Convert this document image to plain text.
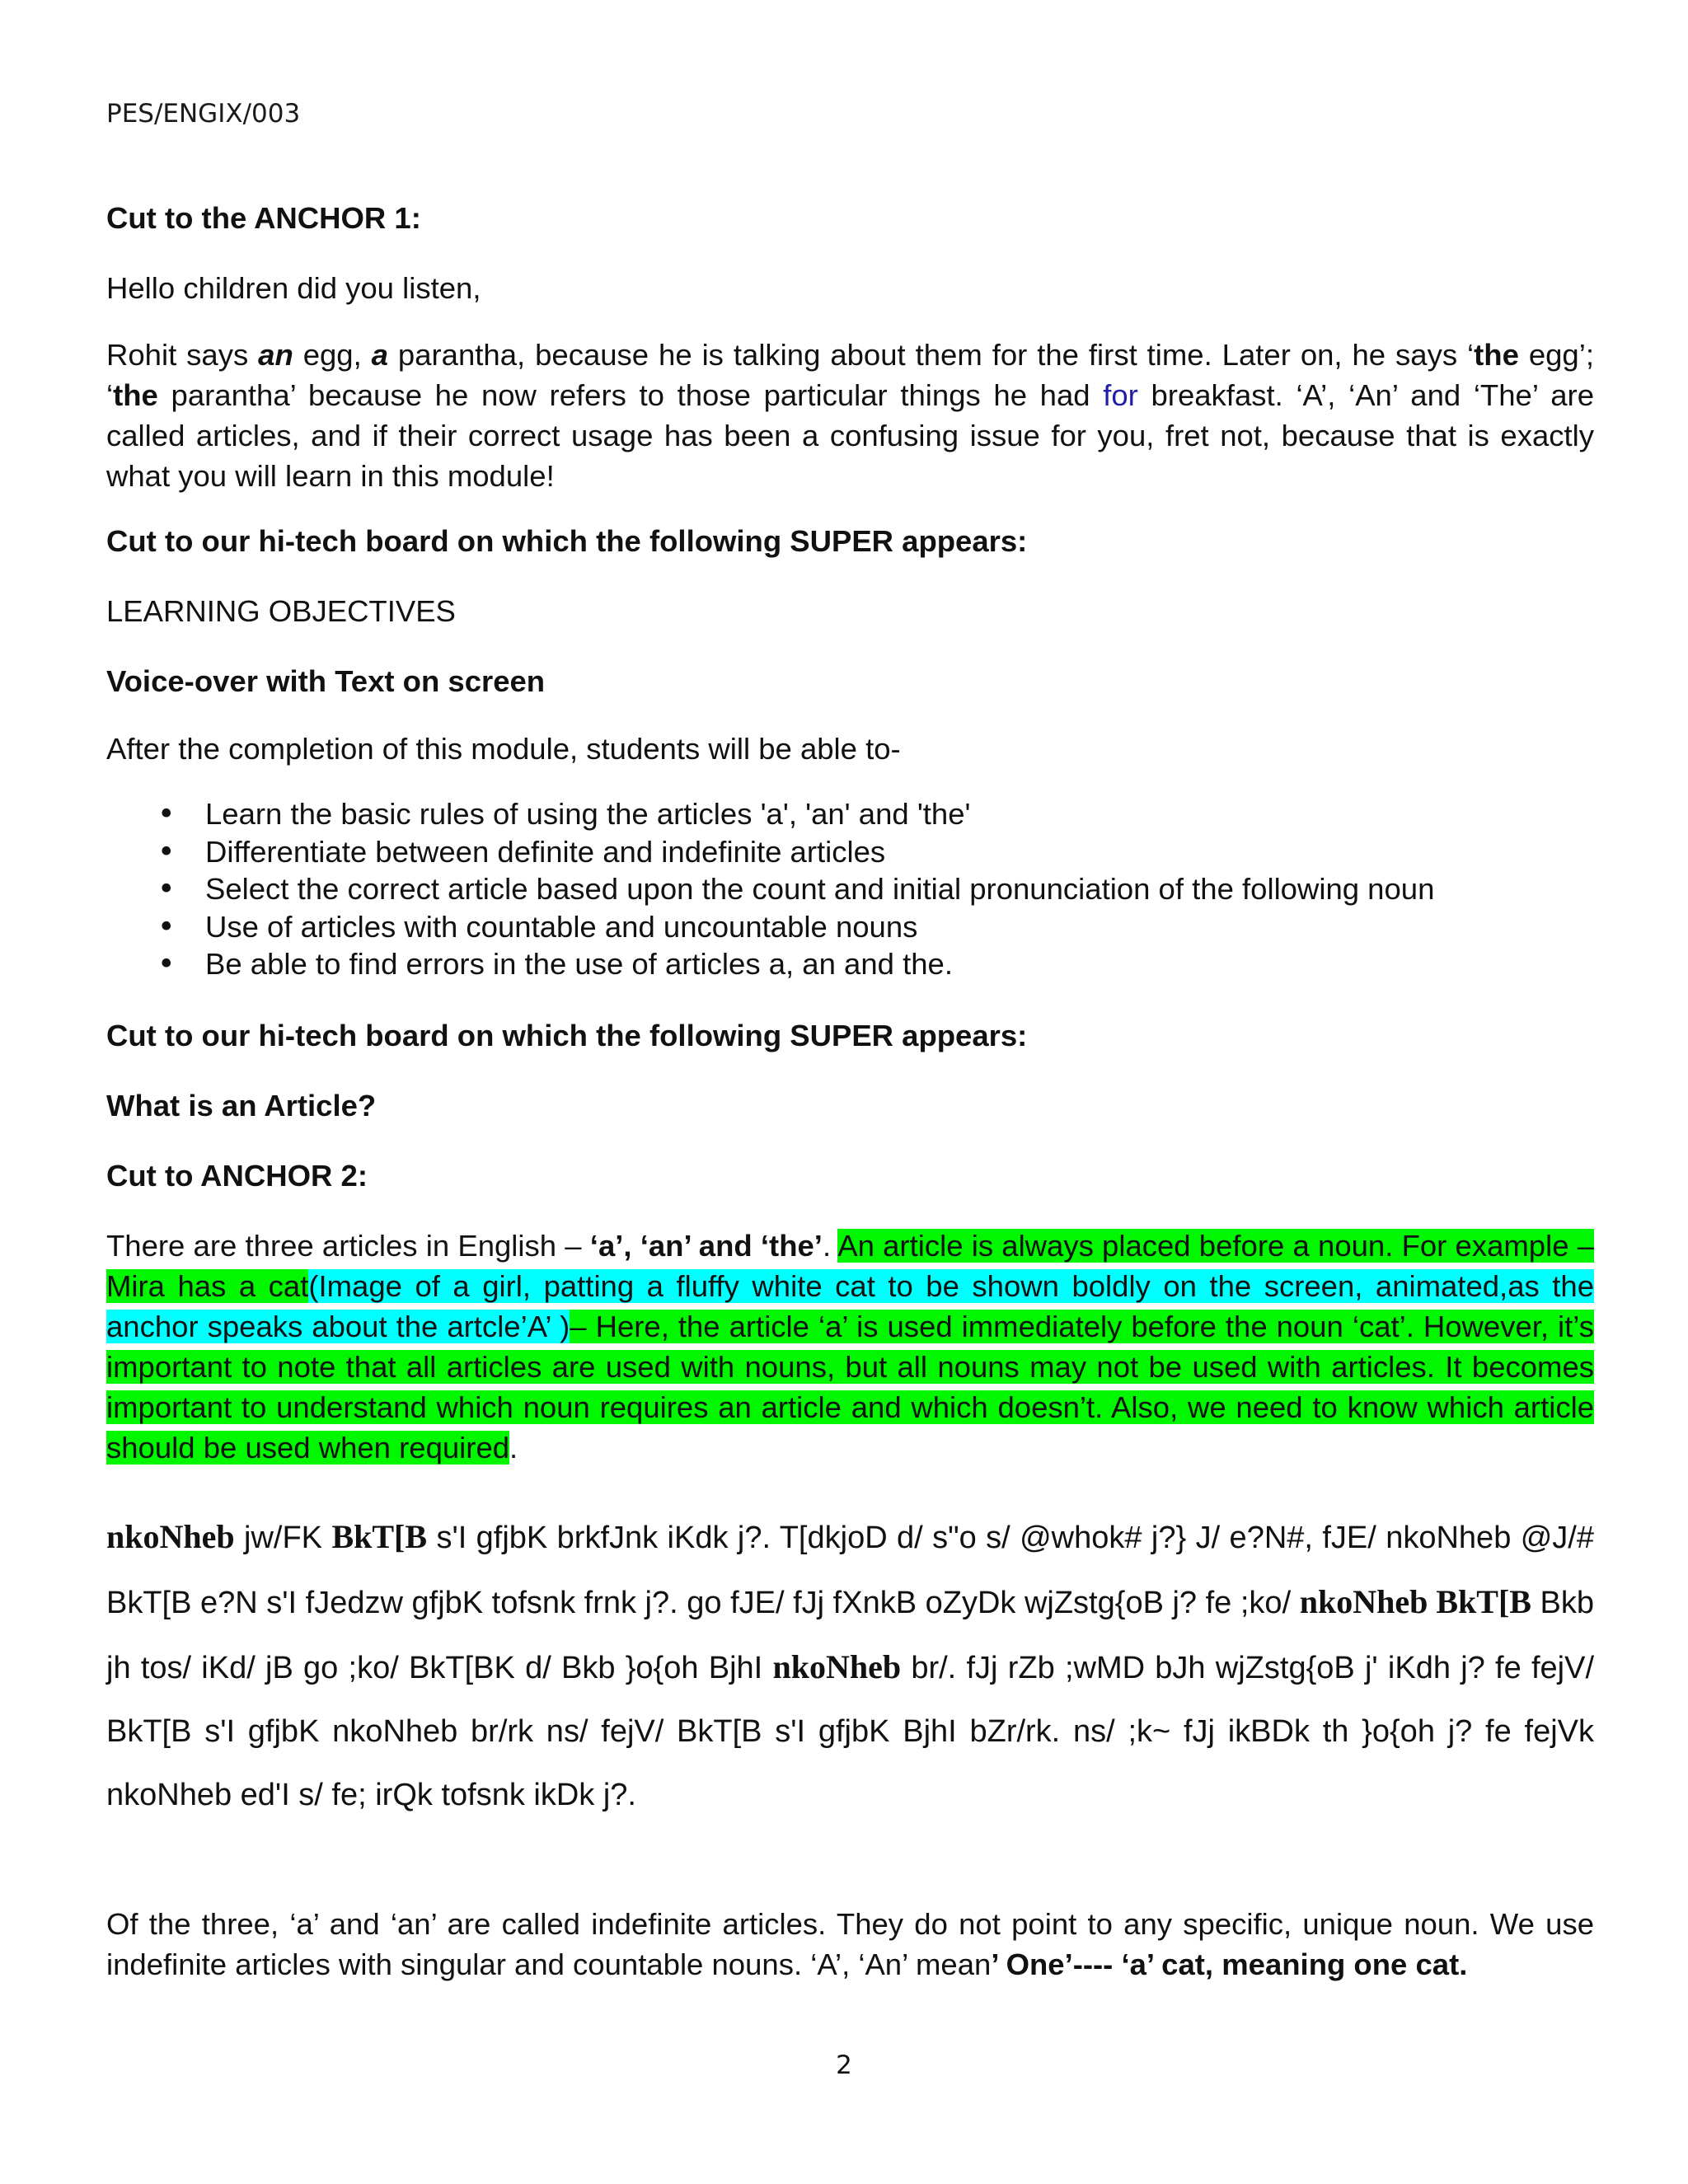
PES/ENGIX/003
Cut to the ANCHOR 1:
Hello children did you listen,
Rohit says an egg, a parantha, because he is talking about them for the first time. Later on, he says ‘the egg’; ‘the parantha’ because he now refers to those particular things he had for breakfast. ‘A’, ‘An’ and ‘The’ are called articles, and if their correct usage has been a confusing issue for you, fret not, because that is exactly what you will learn in this module!
Cut to our hi-tech board on which the following SUPER appears:
LEARNING OBJECTIVES
Voice-over with Text on screen
After the completion of this module, students will be able to-
• Learn the basic rules of using the articles 'a', 'an' and 'the'
• Differentiate between definite and indefinite articles
• Select the correct article based upon the count and initial pronunciation of the following noun
• Use of articles with countable and uncountable nouns
• Be able to find errors in the use of articles a, an and the.
Cut to our hi-tech board on which the following SUPER appears:
What is an Article?
Cut to ANCHOR 2:
There are three articles in English – ‘a’, ‘an’ and ‘the’. An article is always placed before a noun. For example – Mira has a cat(Image of a girl, patting a fluffy white cat to be shown boldly on the screen, animated,as the anchor speaks about the artcle’A’ )– Here, the article ‘a’ is used immediately before the noun ‘cat’. However, it’s important to note that all articles are used with nouns, but all nouns may not be used with articles. It becomes important to understand which noun requires an article and which doesn’t. Also, we need to know which article should be used when required.
nkoNheb jw/FK BkT[B s'I gfjbK brkfJnk iKdk j?. T[dkjoD d/ s"o s/ @whok# j?} J/ e?N#, fJE/ nkoNheb @J/# BkT[B e?N s'I fJedzw gfjbK tofsnk frnk j?. go fJE/ fJj fXnkB oZyDk wjZstg{oB j? fe ;ko/ nkoNheb BkT[B Bkb jh tos/ iKd/ jB go ;ko/ BkT[BK d/ Bkb }o{oh BjhI nkoNheb br/. fJj rZb ;wMD bJh wjZstg{oB j' iKdh j? fe fejV/ BkT[B s'I gfjbK nkoNheb br/rk ns/ fejV/ BkT[B s'I gfjbK BjhI bZr/rk. ns/ ;k~ fJj ikBDk th }o{oh j? fe fejVk nkoNheb ed'I s/ fe; irQk tofsnk ikDk j?.
Of the three, ‘a’ and ‘an’ are called indefinite articles. They do not point to any specific, unique noun. We use indefinite articles with singular and countable nouns. ‘A’, ‘An’ mean’ One’---- ‘a’ cat, meaning one cat.
2
